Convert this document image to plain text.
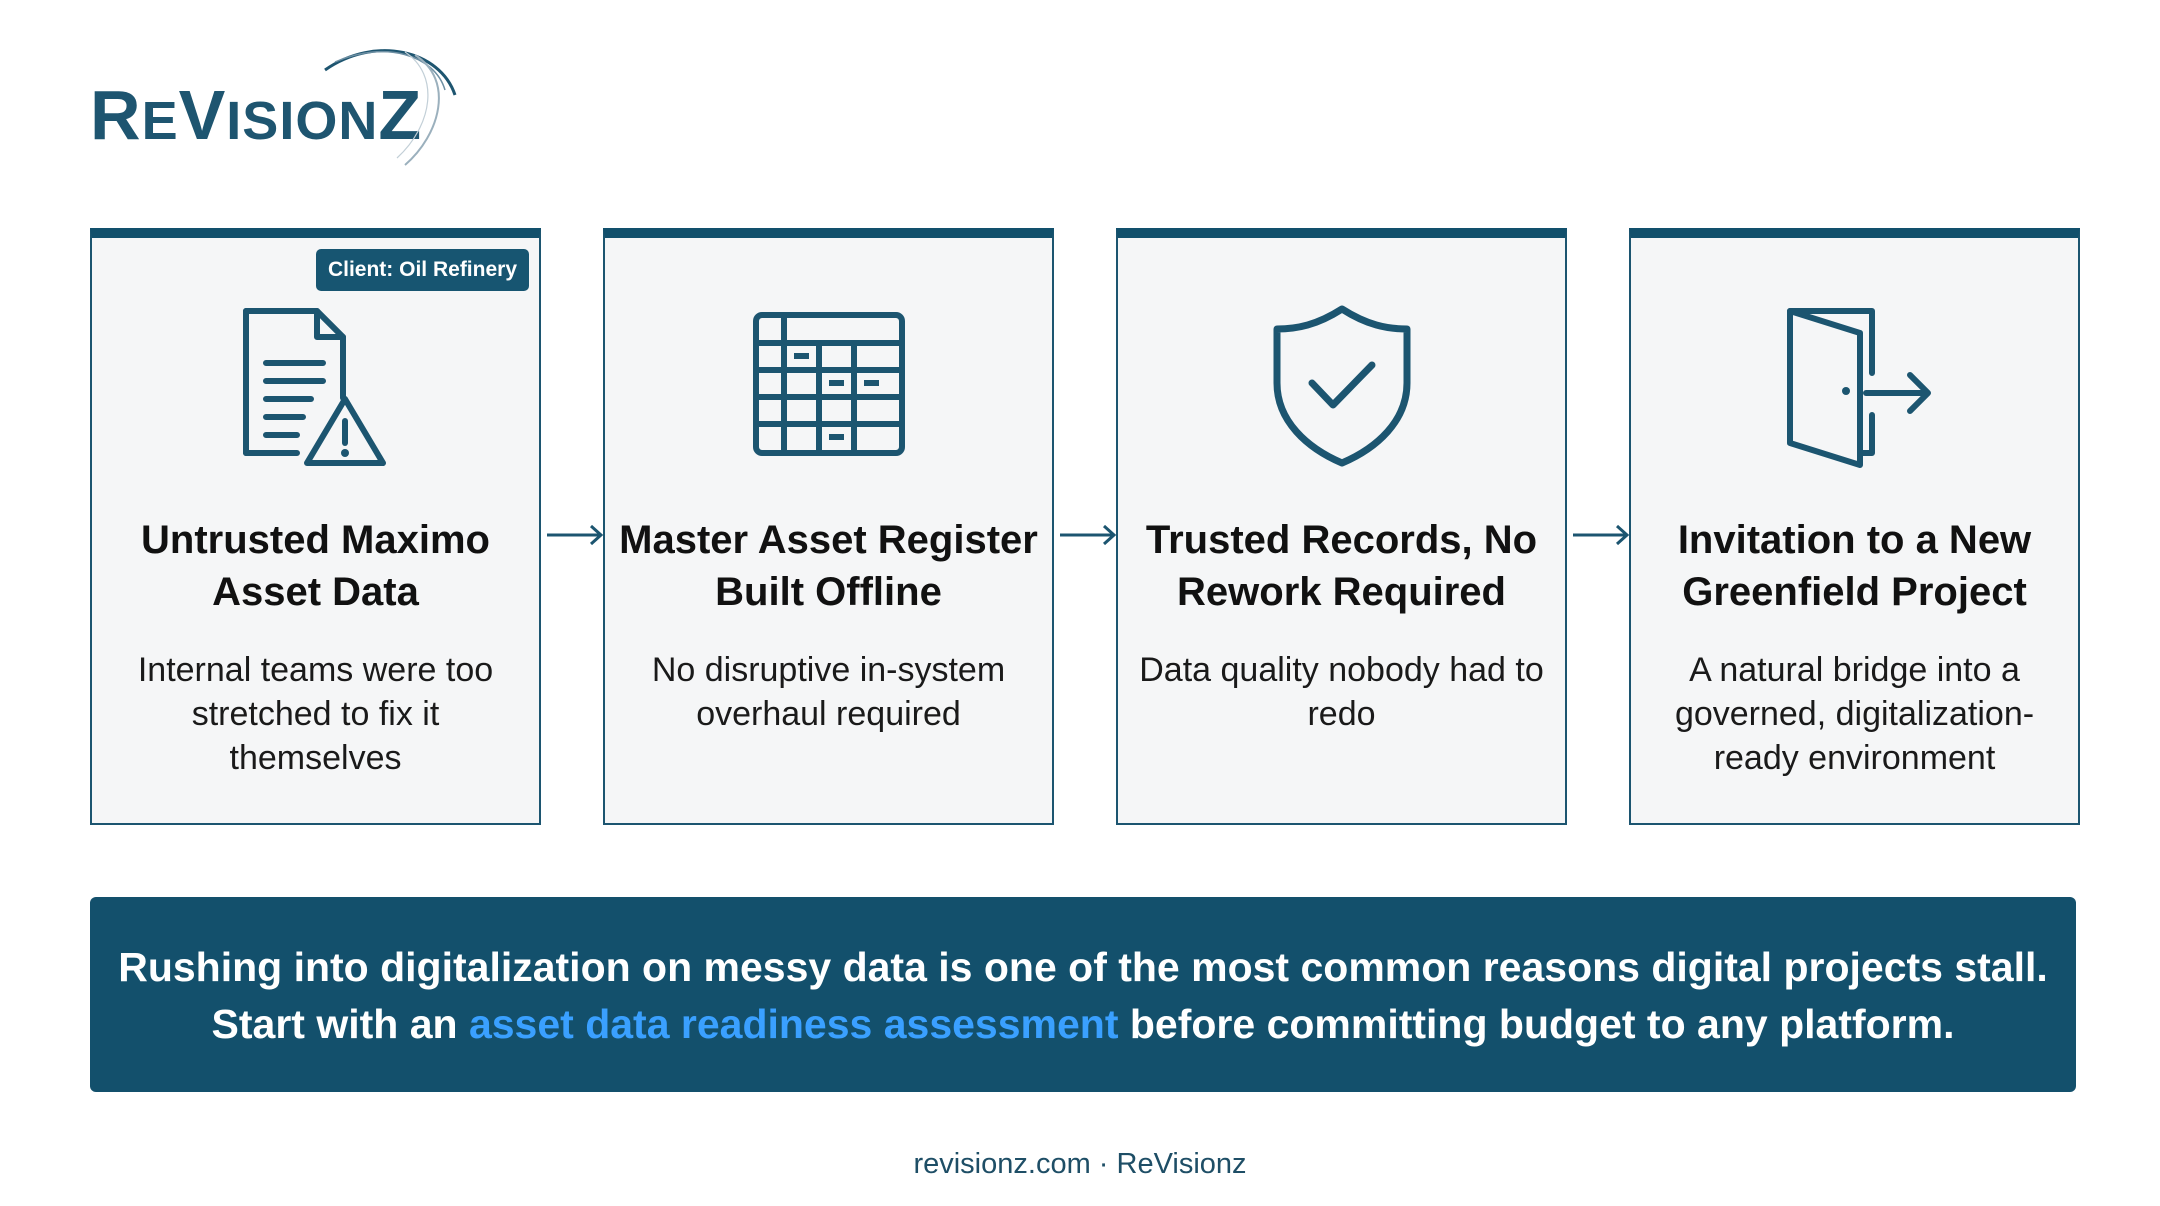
REVISIONZ
Client: Oil Refinery
Untrusted Maximo Asset Data
Internal teams were too stretched to fix it themselves
Master Asset Register Built Offline
No disruptive in-system overhaul required
Trusted Records, No Rework Required
Data quality nobody had to redo
Invitation to a New Greenfield Project
A natural bridge into a governed, digitalization-ready environment
Rushing into digitalization on messy data is one of the most common reasons digital projects stall.
Start with an asset data readiness assessment before committing budget to any platform.
revisionz.com · ReVisionz
